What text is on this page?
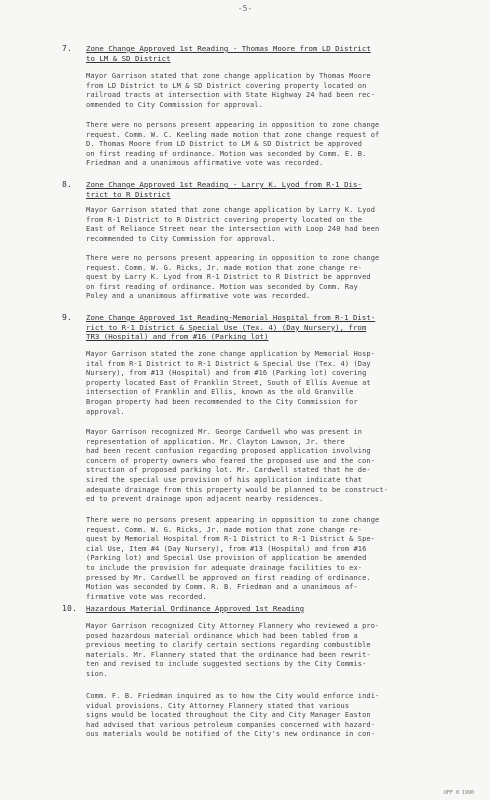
-5-
7. Zone Change Approved 1st Reading - Thomas Moore from LD District
to LM & SD District
Mayor Garrison stated that zone change application by Thomas Moore
from LD District to LM & SD District covering property located on
railroad tracts at intersection with State Highway 24 had been rec-
ommended to City Commission for approval.
There were no persons present appearing in opposition to zone change
request. Comm. W. C. Keeling made motion that zone change request of
D. Thomas Moore from LD District to LM & SD District be approved
on first reading of ordinance. Motion was seconded by Comm. E. B.
Friedman and a unanimous affirmative vote was recorded.
8. Zone Change Approved 1st Reading - Larry K. Lyod from R-1 Dis-
trict to R District
Mayor Garrison stated that zone change application by Larry K. Lyod
from R-1 District to R District covering property located on the
East of Reliance Street near the intersection with Loop 240 had been
recommended to City Commission for approval.
There were no persons present appearing in opposition to zone change
request. Comm. W. G. Ricks, Jr. made motion that zone change re-
quest by Larry K. Lyod from R-1 District to R District be approved
on first reading of ordinance. Motion was seconded by Comm. Ray
Poley and a unanimous affirmative vote was recorded.
9. Zone Change Approved 1st Reading-Memorial Hospital from R-1 Dist-
rict to R-1 District & Special Use (Tex. 4) (Day Nursery), from
TR3 (Hospital) and from #16 (Parking lot)
Mayor Garrison stated the zone change application by Memorial Hosp-
ital from R-1 District to R-1 District & Special Use (Tex. 4) (Day
Nursery), from #13 (Hospital) and from #16 (Parking lot) covering
property located East of Franklin Street, South of Ellis Avenue at
intersection of Franklin and Ellis, known as the old Granville
Brogan property had been recommended to the City Commission for
approval.
Mayor Garrison recognized Mr. George Cardwell who was present in
representation of application. Mr. Clayton Lawson, Jr. there
had been recent confusion regarding proposed application involving
concern of property owners who feared the proposed use and the con-
struction of proposed parking lot. Mr. Cardwell stated that he de-
sired the special use provision of his application indicate that
adequate drainage from this property would be planned to be construct-
ed to prevent drainage upon adjacent nearby residences.
There were no persons present appearing in opposition to zone change
request. Comm. W. G. Ricks, Jr. made motion that zone change re-
quest by Memorial Hospital from R-1 District to R-1 District & Spe-
cial Use, Item #4 (Day Nursery), from #13 (Hospital) and from #16
(Parking lot) and Special Use provision of application be amended
to include the provision for adequate drainage facilities to ex-
pressed by Mr. Cardwell be approved on first reading of ordinance.
Motion was seconded by Comm. R. B. Friedman and a unanimous af-
firmative vote was recorded.
10. Hazardous Material Ordinance Approved 1st Reading
Mayor Garrison recognized City Attorney Flannery who reviewed a pro-
posed hazardous material ordinance which had been tabled from a
previous meeting to clarify certain sections regarding combustible
materials. Mr. Flannery stated that the ordinance had been rewrit-
ten and revised to include suggested sections by the City Commis-
sion.
Comm. F. B. Friedman inquired as to how the City would enforce indi-
vidual provisions. City Attorney Flannery stated that various
signs would be located throughout the City and City Manager Easton
had advised that various petroleum companies concerned with hazard-
ous materials would be notified of the City's new ordinance in con-
OFF 0 1990
